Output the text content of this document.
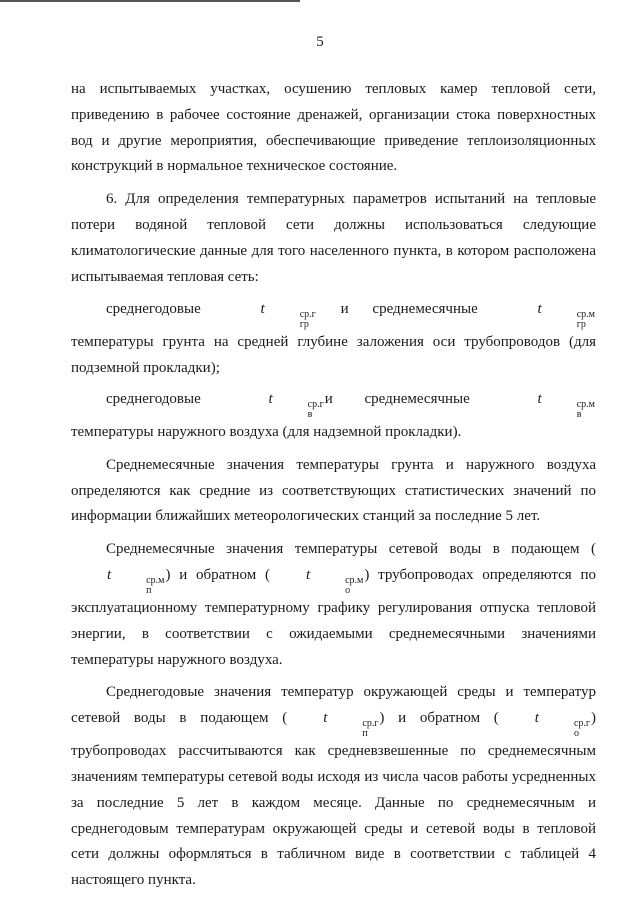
5

на испытываемых участках, осушению тепловых камер тепловой сети, приведению в рабочее состояние дренажей, организации стока поверхностных вод и другие мероприятия, обеспечивающие приведение теплоизоляционных конструкций в нормальное техническое состояние.

6. Для определения температурных параметров испытаний на тепловые потери водяной тепловой сети должны использоваться следующие климатологические данные для того населенного пункта, в котором расположена испытываемая тепловая сеть:

среднегодовые t	ср.г
гр
и среднемесячные t	ср.м
гр
температуры грунта на средней глубине заложения оси трубопроводов (для подземной прокладки);

среднегодовые t	ср.г
в
и среднемесячные t	ср.м
в
температуры наружного воздуха (для надземной прокладки).

Среднемесячные значения температуры грунта и наружного воздуха определяются как средние из соответствующих статистических значений по информации ближайших метеорологических станций за последние 5 лет.

Среднемесячные значения температуры сетевой воды в подающем (t	ср.м
п
) и обратном ( t	ср.м
о
) трубопроводах определяются по эксплуатационному температурному графику регулирования отпуска тепловой энергии, в соответствии с ожидаемыми среднемесячными значениями температуры наружного воздуха.

Среднегодовые значения температур окружающей среды и температур сетевой воды в подающем ( t	ср.г
п
) и обратном ( t	ср.г
о
) трубопроводах рассчитываются как средневзвешенные по среднемесячным значениям температуры сетевой воды исходя из числа часов работы усредненных за последние 5 лет в каждом месяце. Данные по среднемесячным и среднегодовым температурам окружающей среды и сетевой воды в тепловой сети должны оформляться в табличном виде в соответствии с таблицей 4 настоящего пункта.
